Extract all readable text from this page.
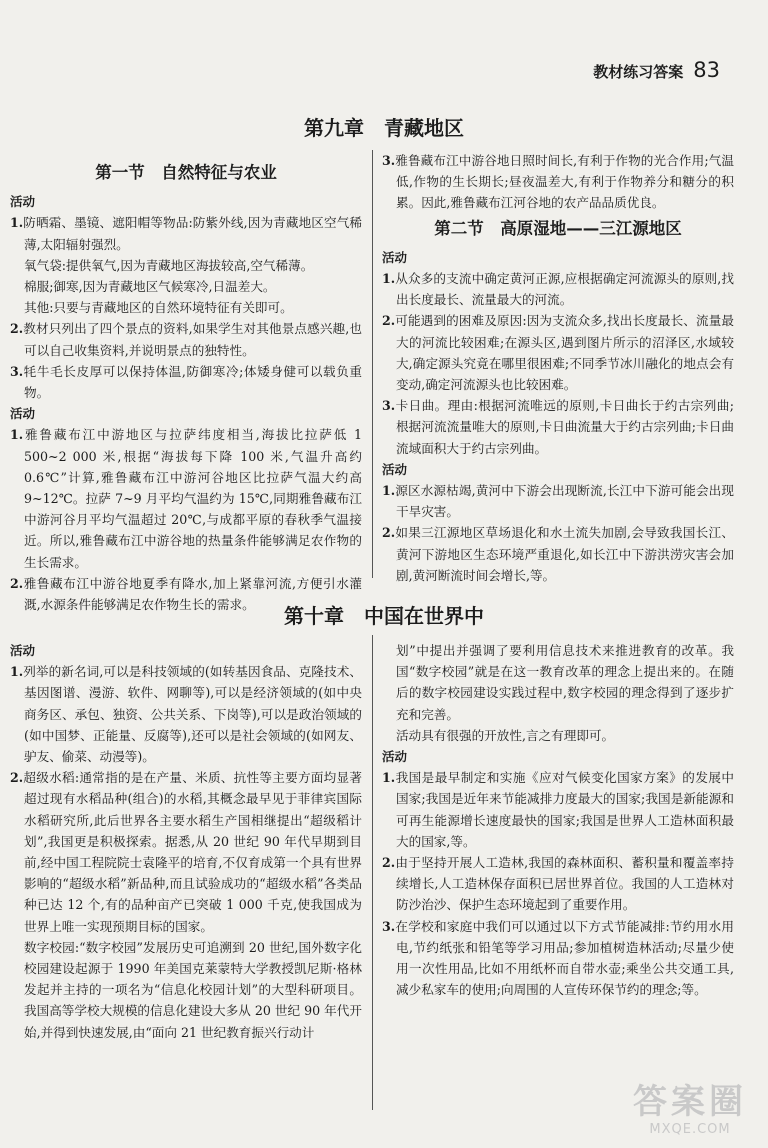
教材练习答案 83
第九章　青藏地区
第一节　自然特征与农业
活动

1.防晒霜、墨镜、遮阳帽等物品:防紫外线,因为青藏地区空气稀薄,太阳辐射强烈。

氧气袋:提供氧气,因为青藏地区海拔较高,空气稀薄。

棉服;御寒,因为青藏地区气候寒冷,日温差大。

其他:只要与青藏地区的自然环境特征有关即可。

2.教材只列出了四个景点的资料,如果学生对其他景点感兴趣,也可以自己收集资料,并说明景点的独特性。

3.牦牛毛长皮厚可以保持体温,防御寒冷;体矮身健可以载负重物。

活动

1.雅鲁藏布江中游地区与拉萨纬度相当,海拔比拉萨低 1 500~2 000 米,根据“海拔每下降 100 米,气温升高约0.6℃”计算,雅鲁藏布江中游河谷地区比拉萨气温大约高 9~12℃。拉萨 7~9 月平均气温约为 15℃,同期雅鲁藏布江中游河谷月平均气温超过 20℃,与成都平原的春秋季气温接近。所以,雅鲁藏布江中游谷地的热量条件能够满足农作物的生长需求。

2.雅鲁藏布江中游谷地夏季有降水,加上紧靠河流,方便引水灌溉,水源条件能够满足农作物生长的需求。

3.雅鲁藏布江中游谷地日照时间长,有利于作物的光合作用;气温低,作物的生长期长;昼夜温差大,有利于作物养分和糖分的积累。因此,雅鲁藏布江河谷地的农产品品质优良。

第二节　高原湿地——三江源地区
活动

1.从众多的支流中确定黄河正源,应根据确定河流源头的原则,找出长度最长、流量最大的河流。

2.可能遇到的困难及原因:因为支流众多,找出长度最长、流量最大的河流比较困难;在源头区,遇到图片所示的沼泽区,水域较大,确定源头究竟在哪里很困难;不同季节冰川融化的地点会有变动,确定河流源头也比较困难。

3.卡日曲。理由:根据河流唯远的原则,卡日曲长于约古宗列曲;根据河流流量唯大的原则,卡日曲流量大于约古宗列曲;卡日曲流域面积大于约古宗列曲。

活动

1.源区水源枯竭,黄河中下游会出现断流,长江中下游可能会出现干旱灾害。

2.如果三江源地区草场退化和水土流失加剧,会导致我国长江、黄河下游地区生态环境严重退化,如长江中下游洪涝灾害会加剧,黄河断流时间会增长,等。

第十章　中国在世界中
活动

1.列举的新名词,可以是科技领域的(如转基因食品、克隆技术、基因图谱、漫游、软件、网聊等),可以是经济领域的(如中央商务区、承包、独资、公共关系、下岗等),可以是政治领域的(如中国梦、正能量、反腐等),还可以是社会领域的(如网友、驴友、偷菜、动漫等)。

2.超级水稻:通常指的是在产量、米质、抗性等主要方面均显著超过现有水稻品种(组合)的水稻,其概念最早见于菲律宾国际水稻研究所,此后世界各主要水稻生产国相继提出“超级稻计划”,我国更是积极探索。据悉,从 20 世纪 90 年代早期到目前,经中国工程院院士袁隆平的培育,不仅育成第一个具有世界影响的“超级水稻”新品种,而且试验成功的“超级水稻”各类品种已达 12 个,有的品种亩产已突破 1 000 千克,使我国成为世界上唯一实现预期目标的国家。

数字校园:“数字校园”发展历史可追溯到 20 世纪,国外数字化校园建设起源于 1990 年美国克莱蒙特大学教授凯尼斯·格林发起并主持的一项名为“信息化校园计划”的大型科研项目。我国高等学校大规模的信息化建设大多从 20 世纪 90 年代开始,并得到快速发展,由“面向 21 世纪教育振兴行动计

划”中提出并强调了要利用信息技术来推进教育的改革。我国“数字校园”就是在这一教育改革的理念上提出来的。在随后的数字校园建设实践过程中,数字校园的理念得到了逐步扩充和完善。

活动具有很强的开放性,言之有理即可。

活动

1.我国是最早制定和实施《应对气候变化国家方案》的发展中国家;我国是近年来节能减排力度最大的国家;我国是新能源和可再生能源增长速度最快的国家;我国是世界人工造林面积最大的国家,等。

2.由于坚持开展人工造林,我国的森林面积、蓄积量和覆盖率持续增长,人工造林保存面积已居世界首位。我国的人工造林对防沙治沙、保护生态环境起到了重要作用。

3.在学校和家庭中我们可以通过以下方式节能减排:节约用水用电,节约纸张和铅笔等学习用品;参加植树造林活动;尽量少使用一次性用品,比如不用纸杯而自带水壶;乘坐公共交通工具,减少私家车的使用;向周围的人宣传环保节约的理念;等。

答案圈
MXQE.COM
